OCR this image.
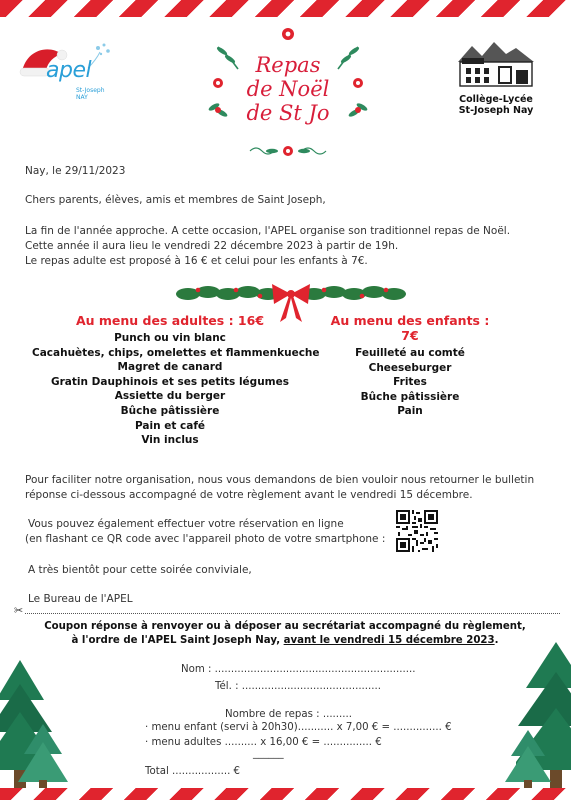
apel
St-Joseph NAY
Repas
de Noël
de St Jo
Collège-Lycée
St-Joseph Nay
Nay, le 29/11/2023
Chers parents, élèves, amis et membres de Saint Joseph,
La fin de l'année approche. A cette occasion, l'APEL organise son traditionnel repas de Noël.
Cette année il aura lieu le vendredi 22 décembre 2023 à partir de 19h.
Le repas adulte est proposé à 16 € et celui pour les enfants à 7€.
Au menu des adultes : 16€
Punch ou vin blanc
Cacahuètes, chips, omelettes et flammenkueche
Magret de canard
Gratin Dauphinois et ses petits légumes
Assiette du berger
Bûche pâtissière
Pain et café
Vin inclus
Au menu des enfants : 7€
Feuilleté au comté
Cheeseburger
Frites
Bûche pâtissière
Pain
Pour faciliter notre organisation, nous vous demandons de bien vouloir nous retourner le bulletin
réponse ci-dessous accompagné de votre règlement avant le vendredi 15 décembre.
Vous pouvez également effectuer votre réservation en ligne
(en flashant ce QR code avec l'appareil photo de votre smartphone :
A très bientôt pour cette soirée conviviale,
Le Bureau de l'APEL
✂
Coupon réponse à renvoyer ou à déposer au secrétariat accompagné du règlement,
à l'ordre de l'APEL Saint Joseph Nay, avant le vendredi 15 décembre 2023.
Nom : ..............................................................
Tél. : ...........................................
Nombre de repas : .........
· menu enfant (servi à 20h30)........... x 7,00 € = ............... €
· menu adultes .......... x 16,00 € = ............... €
______
Total .................. €
